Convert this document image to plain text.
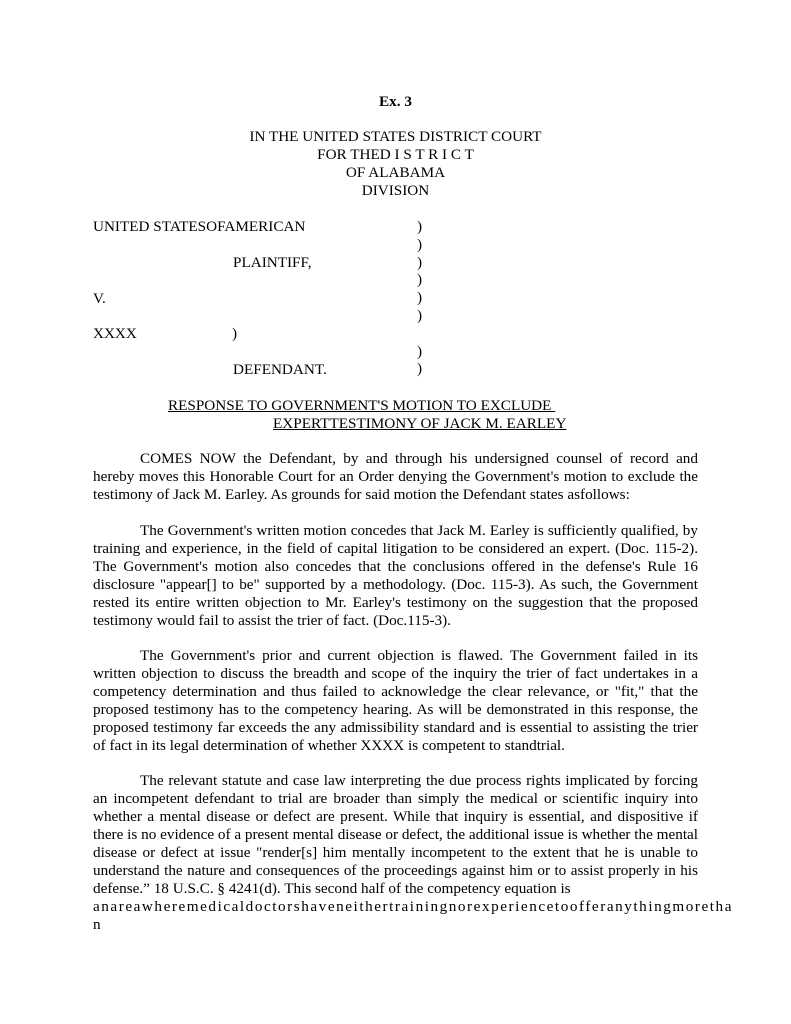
Ex. 3
IN THE UNITED STATES DISTRICT COURT
FOR THED I S T R I C T
OF ALABAMA
DIVISION
UNITED STATESOFAMERICAN
PLAINTIFF,
V.
XXXX	)
DEFENDANT.
)
)
)
)
)
)
)
)
RESPONSE TO GOVERNMENT'S MOTION TO EXCLUDE
EXPERTTESTIMONY OF JACK M. EARLEY

COMES NOW the Defendant, by and through his undersigned counsel of record and hereby moves this Honorable Court for an Order denying the Government's motion to exclude the testimony of Jack M. Earley. As grounds for said motion the Defendant states asfollows:

The Government's written motion concedes that Jack M. Earley is sufficiently qualified, by training and experience, in the field of capital litigation to be considered an expert. (Doc. 115-2). The Government's motion also concedes that the conclusions offered in the defense's Rule 16 disclosure "appear[] to be" supported by a methodology. (Doc. 115-3). As such, the Government rested its entire written objection to Mr. Earley's testimony on the suggestion that the proposed testimony would fail to assist the trier of fact. (Doc.115-3).

The Government's prior and current objection is flawed. The Government failed in its written objection to discuss the breadth and scope of the inquiry the trier of fact undertakes in a competency determination and thus failed to acknowledge the clear relevance, or "fit," that the proposed testimony has to the competency hearing. As will be demonstrated in this response, the proposed testimony far exceeds the any admissibility standard and is essential to assisting the trier of fact in its legal determination of whether XXXX is competent to standtrial.

The relevant statute and case law interpreting the due process rights implicated by forcing an incompetent defendant to trial are broader than simply the medical or scientific inquiry into whether a mental disease or defect are present. While that inquiry is essential, and dispositive if there is no evidence of a present mental disease or defect, the additional issue is whether the mental disease or defect at issue "render[s] him mentally incompetent to the extent that he is unable to understand the nature and consequences of the proceedings against him or to assist properly in his defense.” 18 U.S.C. § 4241(d). This second half of the competency equation is

anareawheremedicaldoctorshaveneithertrainingnorexperiencetoofferanythingmoretha
n
